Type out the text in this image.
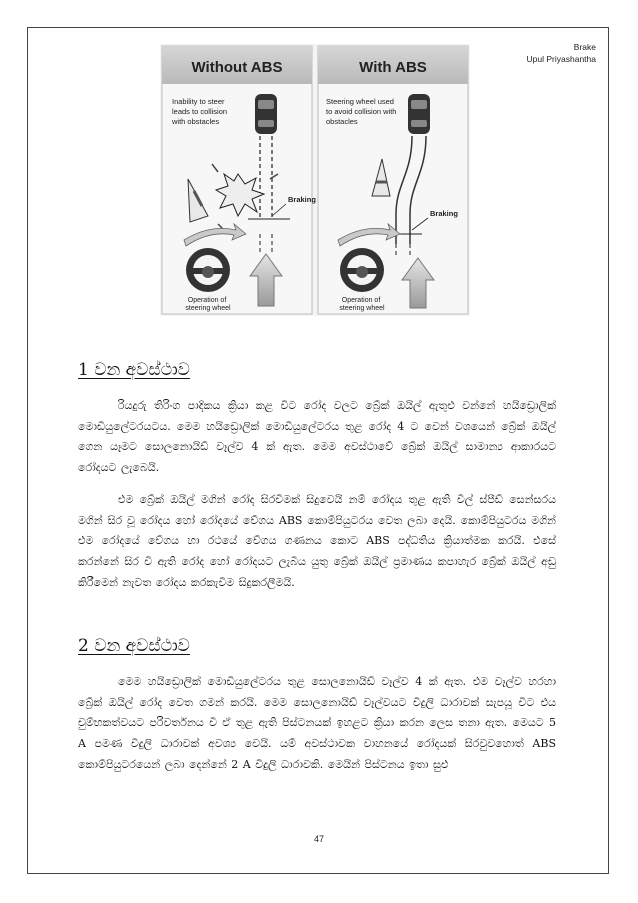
Brake
Upul Priyashantha
Without ABS	With ABS
Inability to steer leads to collision with obstacles
Steering wheel used to avoid collision with obstacles
Braking
Operation of steering wheel
Braking
Operation of steering wheel
1 වන අවස්ථාව
රියදුරු තිරිංග පාදිකය ක්‍රියා කළ විට රෝද වලට බ්‍රේක් ඔයිල් ඇතුළු වන්නේ හයිඩ්‍රොලික් මොඩියුලේටරයටය. මෙම හයිඩ්‍රොලික් මොඩියුලේටරය තුළ රෝද 4 ට වෙන් වශයෙන් බ්‍රේක් ඔයිල් ගෙන යෑමට සොලනොයිඩ් වෑල්ව 4 ක් ඇත. මෙම අවස්ථාවේ බ්‍රේක් ඔයිල් සාමාන්‍ය ආකාරයට රෝදයට ලැබෙයි.
එම බ්‍රේක් ඔයිල් මගින් රෝද සිරවීමක් සිදුවෙයි නම් රෝදය තුළ ඇති වීල් ස්පීඩ් සෙන්සරය මගින් සිර වූ රෝදය හෝ රෝදයේ වේගය ABS කොම්පියුටරය වෙත ලබා දෙයි. කොම්පියුටරය මගින් එම රෝදයේ වේගය හා රථයේ වේගය ගණනය කොට ABS පද්ධතිය ක්‍රියාත්මක කරයි. එසේ කරන්නේ සිර වී ඇති රෝද හෝ රෝදයට ලැබිය යුතු බ්‍රේක් ඔයිල් ප්‍රමාණය කපාහැර බ්‍රේක් ඔයිල් අඩු කිරීමෙන් නැවත රෝදය කරකැවීම සිදුකරලීමයි.
2 වන අවස්ථාව
මෙම හයිඩ්‍රොලික් මොඩියුලේටරය තුළ සොලනොයිඩ් වෑල්ව 4 ක් ඇත. එම වෑල්ව හරහා බ්‍රේක් ඔයිල් රෝද වෙත ගමන් කරයි. මෙම සොලනොයිඩ් වෑල්වයට විදුලි ධාරාවක් සැපයූ විට එය චුම්භකත්වයට පරිවර්තනය වී ඒ තුළ ඇති පිස්ටනයක් ඉහළට ක්‍රියා කරන ලෙස තනා ඇත. මෙයට 5 A පමණ විදුලි ධාරාවක් අවශ්‍ය වෙයි. යම් අවස්ථාවක වාහනයේ රෝදයක් සිරවුවහොත් ABS කොම්පියුටරයෙන් ලබා දෙන්නේ 2 A විදුලි ධාරාවකි. මෙයින් පිස්ටනය ඉතා සුළු
47
